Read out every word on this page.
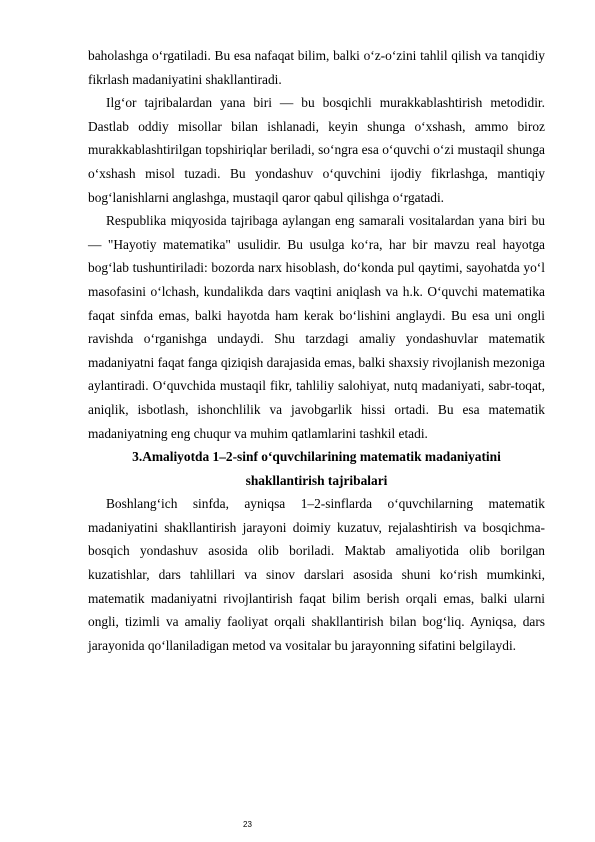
baholashga o‘rgatiladi. Bu esa nafaqat bilim, balki o‘z-o‘zini tahlil qilish va tanqidiy fikrlash madaniyatini shakllantiradi.

Ilg‘or tajribalardan yana biri — bu bosqichli murakkablashtirish metodidir. Dastlab oddiy misollar bilan ishlanadi, keyin shunga o‘xshash, ammo biroz murakkablashtirilgan topshiriqlar beriladi, so‘ngra esa o‘quvchi o‘zi mustaqil shunga o‘xshash misol tuzadi. Bu yondashuv o‘quvchini ijodiy fikrlashga, mantiqiy bog‘lanishlarni anglashga, mustaqil qaror qabul qilishga o‘rgatadi.

Respublika miqyosida tajribaga aylangan eng samarali vositalardan yana biri bu — "Hayotiy matematika" usulidir. Bu usulga ko‘ra, har bir mavzu real hayotga bog‘lab tushuntiriladi: bozorda narx hisoblash, do‘konda pul qaytimi, sayohatda yo‘l masofasini o‘lchash, kundalikda dars vaqtini aniqlash va h.k. O‘quvchi matematika faqat sinfda emas, balki hayotda ham kerak bo‘lishini anglaydi. Bu esa uni ongli ravishda o‘rganishga undaydi. Shu tarzdagi amaliy yondashuvlar matematik madaniyatni faqat fanga qiziqish darajasida emas, balki shaxsiy rivojlanish mezoniga aylantiradi. O‘quvchida mustaqil fikr, tahliliy salohiyat, nutq madaniyati, sabr-toqat, aniqlik, isbotlash, ishonchlilik va javobgarlik hissi ortadi. Bu esa matematik madaniyatning eng chuqur va muhim qatlamlarini tashkil etadi.

3.Amaliyotda 1–2-sinf o‘quvchilarining matematik madaniyatini shakllantirish tajribalari

Boshlang‘ich sinfda, ayniqsa 1–2-sinflarda o‘quvchilarning matematik madaniyatini shakllantirish jarayoni doimiy kuzatuv, rejalashtirish va bosqichma-bosqich yondashuv asosida olib boriladi. Maktab amaliyotida olib borilgan kuzatishlar, dars tahlillari va sinov darslari asosida shuni ko‘rish mumkinki, matematik madaniyatni rivojlantirish faqat bilim berish orqali emas, balki ularni ongli, tizimli va amaliy faoliyat orqali shakllantirish bilan bog‘liq. Ayniqsa, dars jarayonida qo‘llaniladigan metod va vositalar bu jarayonning sifatini belgilaydi.

23
